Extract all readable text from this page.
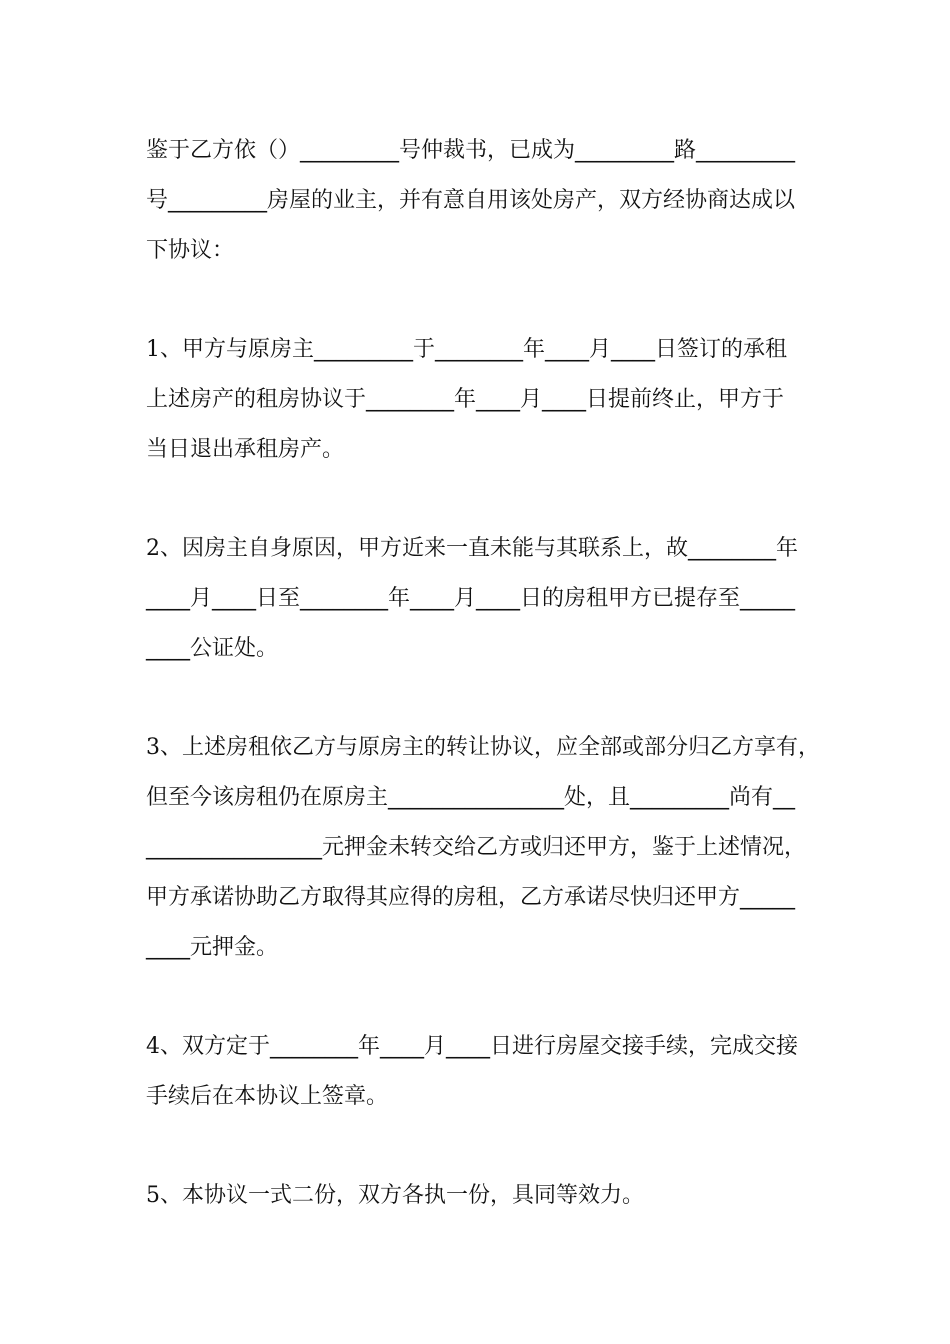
鉴于乙方依（）_________号仲裁书，已成为_________路_________
号_________房屋的业主，并有意自用该处房产，双方经协商达成以
下协议：
1、甲方与原房主_________于________年____月____日签订的承租
上述房产的租房协议于________年____月____日提前终止，甲方于
当日退出承租房产。
2、因房主自身原因，甲方近来一直未能与其联系上，故________年
____月____日至________年____月____日的房租甲方已提存至_____
____公证处。
3、上述房租依乙方与原房主的转让协议，应全部或部分归乙方享有，
但至今该房租仍在原房主________________处，且_________尚有__
________________元押金未转交给乙方或归还甲方，鉴于上述情况，
甲方承诺协助乙方取得其应得的房租，乙方承诺尽快归还甲方_____
____元押金。
4、双方定于________年____月____日进行房屋交接手续，完成交接
手续后在本协议上签章。
5、本协议一式二份，双方各执一份，具同等效力。
